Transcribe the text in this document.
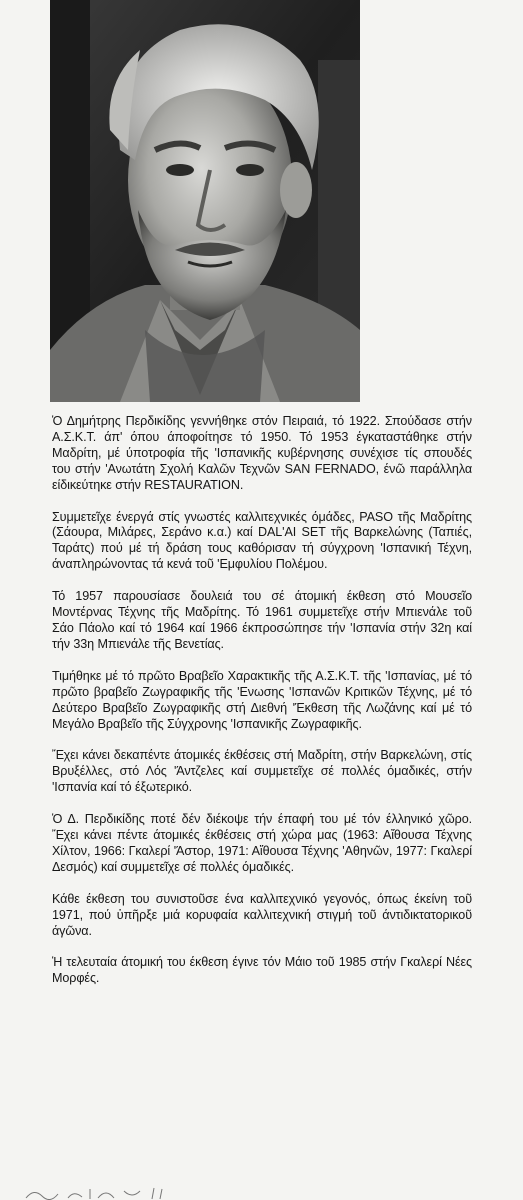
Ὁ Δημήτρης Περδικίδης γεννήθηκε στόν Πειραιά, τό 1922. Σπούδασε στήν Α.Σ.Κ.Τ. άπ' όπου άποφοίτησε τό 1950. Τό 1953 έγκαταστάθηκε στήν Μαδρίτη, μέ ύποτροφία τῆς 'Ισπανικῆς κυβέρνησης συνέχισε τίς σπουδές του στήν 'Ανωτάτη Σχολή Καλῶν Τεχνῶν SAN FERNADO, ένῶ παράλληλα είδικεύτηκε στήν RESTAURATION.

Συμμετεῖχε ένεργά στίς γνωστές καλλιτεχνικές όμάδες, PASO τῆς Μαδρίτης (Σάουρα, Μιλάρες, Σεράνο κ.α.) καί DAL'AI SET τῆς Βαρκελώνης (Ταπιές, Ταράτς) πού μέ τή δράση τους καθόρισαν τή σύγχρονη 'Ισπανική Τέχνη, άναπληρώνοντας τά κενά τοῦ 'Εμφυλίου Πολέμου.

Τό 1957 παρουσίασε δουλειά του σέ άτομική έκθεση στό Μουσεῖο Μοντέρνας Τέχνης τῆς Μαδρίτης. Τό 1961 συμμετεῖχε στήν Μπιενάλε τοῦ Σάο Πάολο καί τό 1964 καί 1966 έκπροσώπησε τήν 'Ισπανία στήν 32η καί τήν 33η Μπιενάλε τῆς Βενετίας.

Τιμήθηκε μέ τό πρῶτο Βραβεῖο Χαρακτικῆς τῆς Α.Σ.Κ.Τ. τῆς 'Ισπανίας, μέ τό πρῶτο βραβεῖο Ζωγραφικῆς τῆς 'Ενωσης 'Ισπανῶν Κριτικῶν Τέχνης, μέ τό Δεύτερο Βραβεῖο Ζωγραφικῆς στή Διεθνή 'Έκθεση τῆς Λωζάνης καί μέ τό Μεγάλο Βραβεῖο τῆς Σύγχρονης 'Ισπανικῆς Ζωγραφικῆς.

Ἔχει κάνει δεκαπέντε άτομικές έκθέσεις στή Μαδρίτη, στήν Βαρκελώνη, στίς Βρυξέλλες, στό Λός 'Άντζελες καί συμμετεῖχε σέ πολλές όμαδικές, στήν 'Ισπανία καί τό έξωτερικό.

Ὁ Δ. Περδικίδης ποτέ δέν διέκοψε τήν έπαφή του μέ τόν έλληνικό χῶρο. Ἔχει κάνει πέντε άτομικές έκθέσεις στή χώρα μας (1963: Αἴθουσα Τέχνης Χίλτον, 1966: Γκαλερί 'Άστορ, 1971: Αἴθουσα Τέχνης 'Αθηνῶν, 1977: Γκαλερί Δεσμός) καί συμμετεῖχε σέ πολλές όμαδικές.

Κάθε έκθεση του συνιστοῦσε ένα καλλιτεχνικό γεγονός, όπως έκείνη τοῦ 1971, πού ὑπῆρξε μιά κορυφαία καλλιτεχνική στιγμή τοῦ άντιδικτατορικοῦ άγῶνα.

Ἡ τελευταία άτομική του έκθεση έγινε τόν Μάιο τοῦ 1985 στήν Γκαλερί Νέες Μορφές.
